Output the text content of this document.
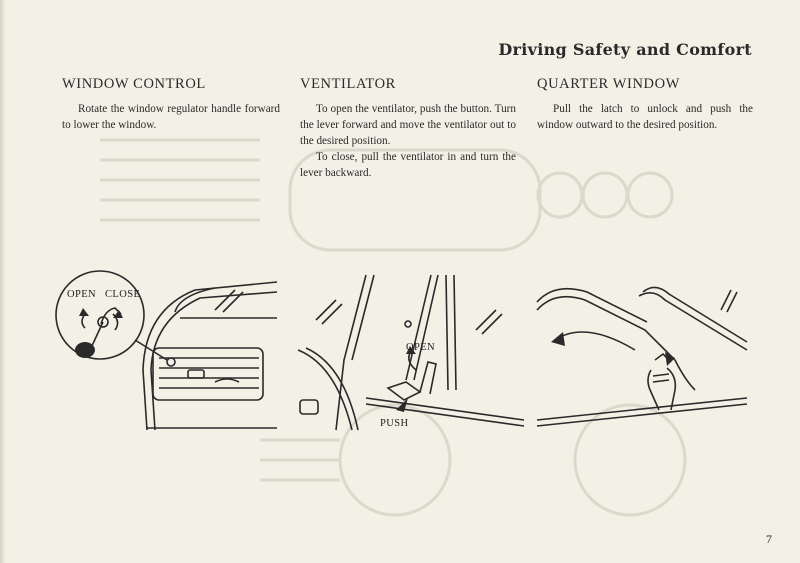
Driving Safety and Comfort
WINDOW CONTROL

Rotate the window regulator handle forward to lower the window.

VENTILATOR

To open the ventilator, push the button. Turn the lever forward and move the ventilator out to the desired position.

To close, pull the ventilator in and turn the lever backward.

QUARTER WINDOW

Pull the latch to unlock and push the window outward to the desired position.

OPEN CLOSE
OPEN
PUSH
7
